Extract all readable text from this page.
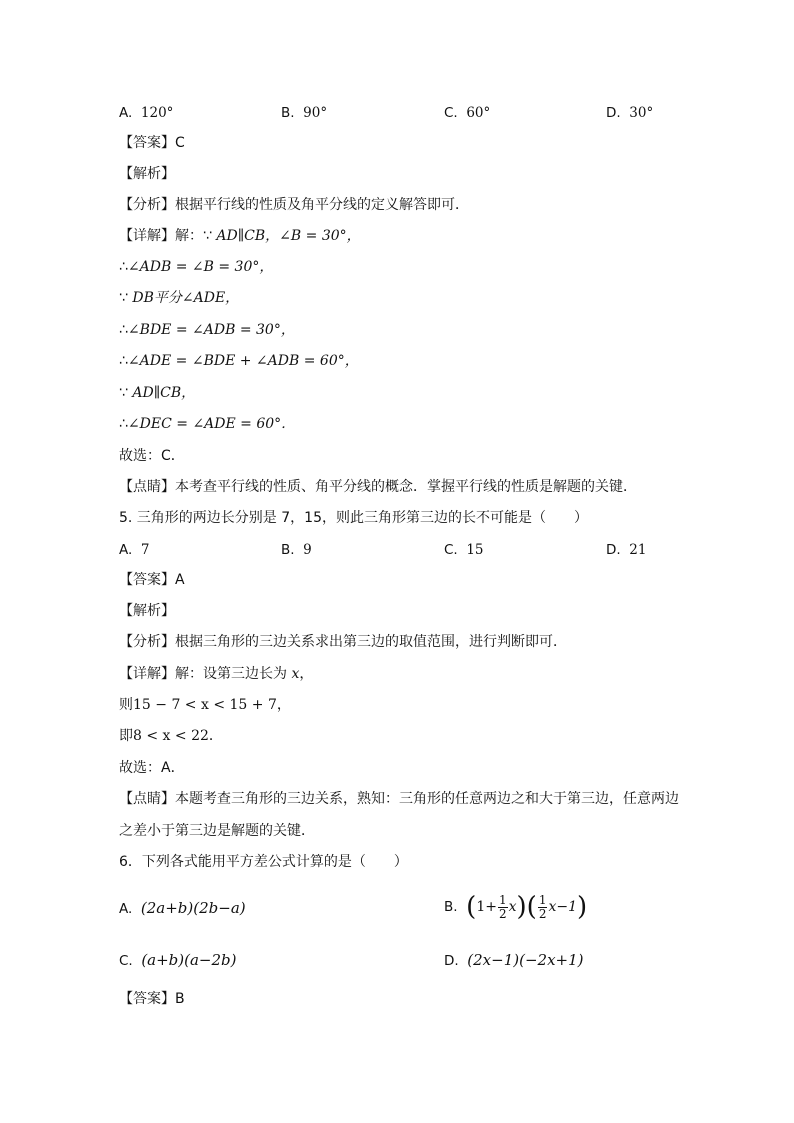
A. 120°	B. 90°	C. 60°	D. 30°
【答案】C
【解析】
【分析】根据平行线的性质及角平分线的定义解答即可．
【详解】解：∵ AD∥CB，∠B = 30°，
∴∠ADB = ∠B = 30°，
∵ DB平分∠ADE，
∴∠BDE = ∠ADB = 30°，
∴∠ADE = ∠BDE + ∠ADB = 60°，
∵ AD∥CB，
∴∠DEC = ∠ADE = 60°．
故选：C．
【点睛】本考查平行线的性质、角平分线的概念．掌握平行线的性质是解题的关键．
5. 三角形的两边长分别是 7，15，则此三角形第三边的长不可能是（　　）
A. 7	B. 9	C. 15	D. 21
【答案】A
【解析】
【分析】根据三角形的三边关系求出第三边的取值范围，进行判断即可．
【详解】解：设第三边长为 x，
则15 − 7 < x < 15 + 7，
即8 < x < 22．
故选：A．
【点睛】本题考查三角形的三边关系，熟知：三角形的任意两边之和大于第三边，任意两边
之差小于第三边是解题的关键．
6．下列各式能用平方差公式计算的是（　　）
A. (2a+b)(2b−a)	B. $(1+ \frac{1}{2} x)( \frac{1}{2} x-1)$
C. (a+b)(a−2b)	D. (2x−1)(−2x+1)
【答案】B
